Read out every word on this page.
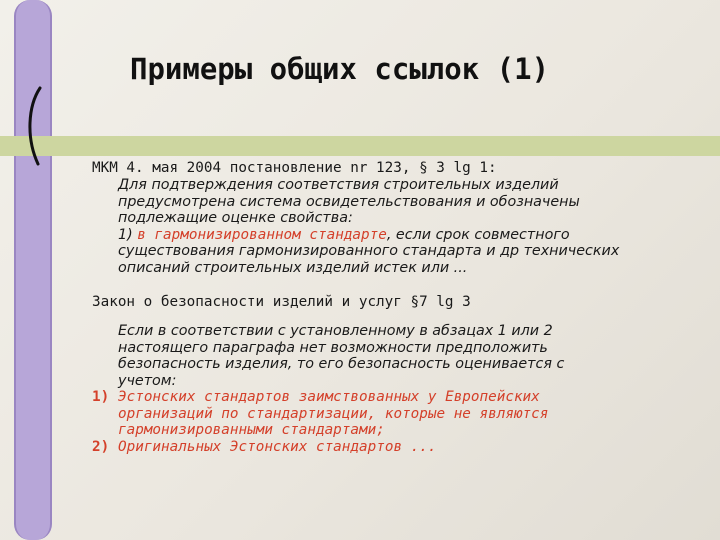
Примеры общих ссылок (1)
МКМ 4. мая 2004 постановление nr 123, § 3 lg 1:
Для подтверждения соответствия строительных изделий
предусмотрена система освидетельствования и обозначены
подлежащие оценке свойства:
1) в гармонизированном стандарте, если срок совместного
существования гармонизированного стандарта и др технических
описаний строительных изделий истек или ...
Закон о безопасности изделий и услуг §7 lg 3
Если в соответствии с установленному в абзацах 1 или 2
настоящего параграфа нет возможности предположить
безопасность изделия, то его безопасность оценивается с
учетом:
1) Эстонских стандартов заимствованных у Европейских
организаций по стандартизации, которые не являются
гармонизированными стандартами;
2) Оригинальных Эстонских стандартов ...
